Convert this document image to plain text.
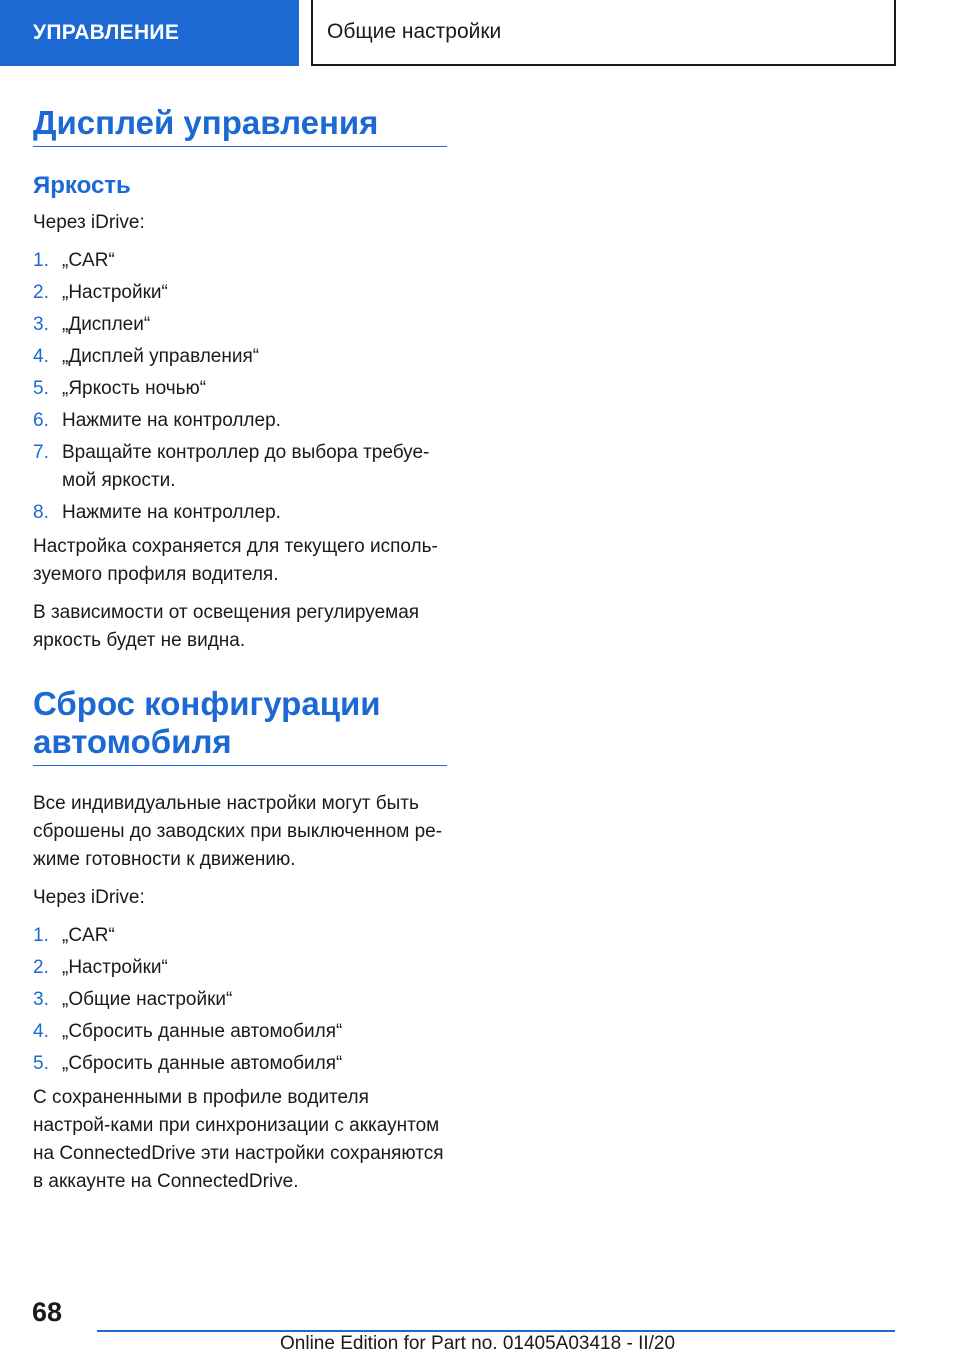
УПРАВЛЕНИЕ	Общие настройки
Дисплей управления
Яркость

Через iDrive:

1. „CAR“
2. „Настройки“
3. „Дисплеи“
4. „Дисплей управления“
5. „Яркость ночью“
6. Нажмите на контроллер.
7. Вращайте контроллер до выбора требуе-мой яркости.
8. Нажмите на контроллер.

Настройка сохраняется для текущего исполь-зуемого профиля водителя.

В зависимости от освещения регулируемая яркость будет не видна.

Сброс конфигурации автомобиля

Все индивидуальные настройки могут быть сброшены до заводских при выключенном ре-жиме готовности к движению.

Через iDrive:

1. „CAR“
2. „Настройки“
3. „Общие настройки“
4. „Сбросить данные автомобиля“
5. „Сбросить данные автомобиля“

С сохраненными в профиле водителя настрой-ками при синхронизации с аккаунтом на ConnectedDrive эти настройки сохраняются в аккаунте на ConnectedDrive.

68
Online Edition for Part no. 01405A03418 - II/20
